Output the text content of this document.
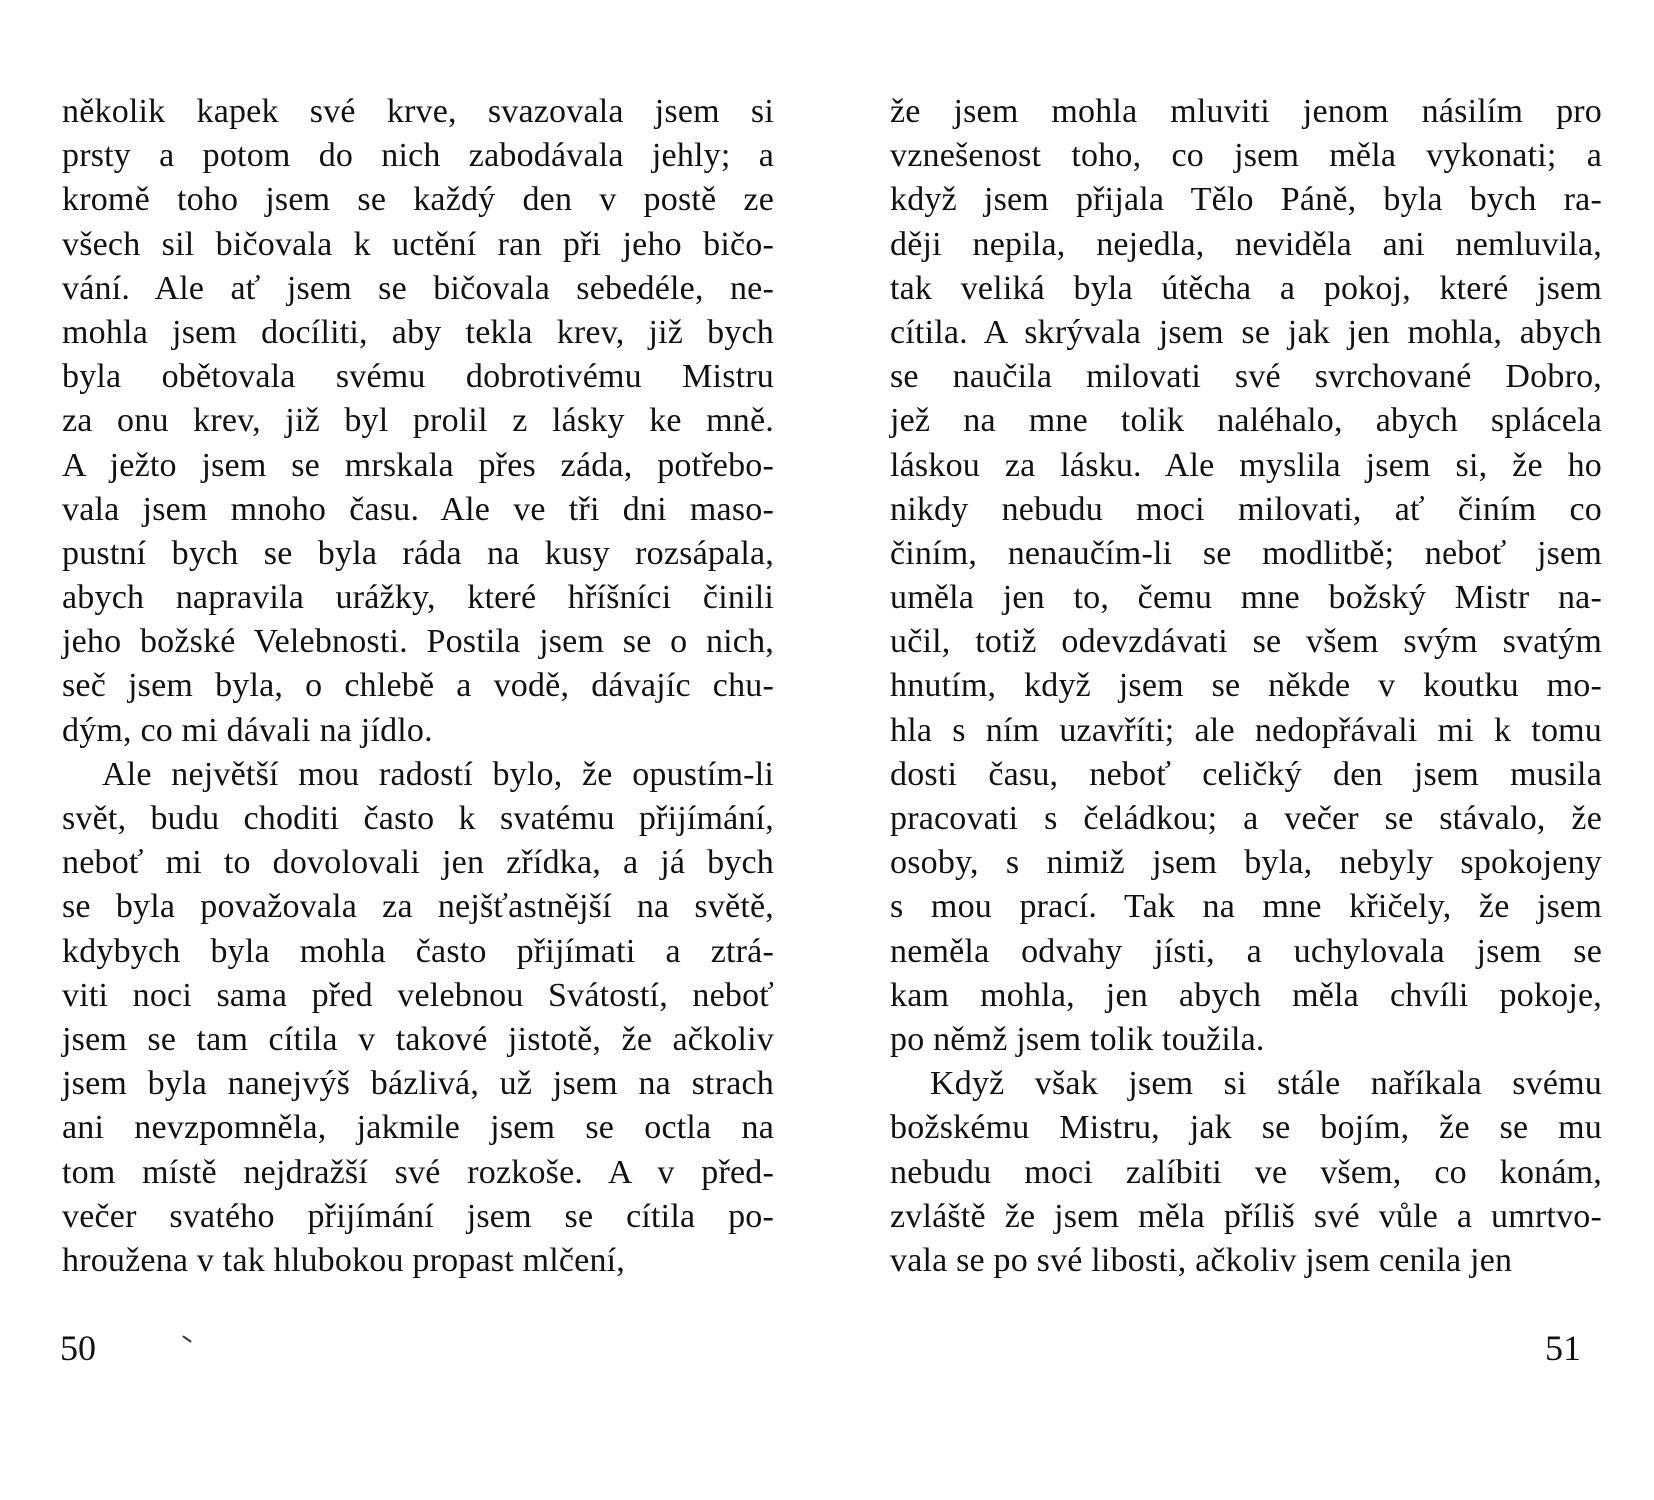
několik kapek své krve, svazovala jsem si
prsty a potom do nich zabodávala jehly; a
kromě toho jsem se každý den v postě ze
všech sil bičovala k uctění ran při jeho bičo-
vání. Ale ať jsem se bičovala sebedéle, ne-
mohla jsem docíliti, aby tekla krev, již bych
byla obětovala svému dobrotivému Mistru
za onu krev, již byl prolil z lásky ke mně.
A ježto jsem se mrskala přes záda, potřebo-
vala jsem mnoho času. Ale ve tři dni maso-
pustní bych se byla ráda na kusy rozsápala,
abych napravila urážky, které hříšníci činili
jeho božské Velebnosti. Postila jsem se o nich,
seč jsem byla, o chlebě a vodě, dávajíc chu-
dým, co mi dávali na jídlo.
Ale největší mou radostí bylo, že opustím-li
svět, budu choditi často k svatému přijímání,
neboť mi to dovolovali jen zřídka, a já bych
se byla považovala za nejšťastnější na světě,
kdybych byla mohla často přijímati a ztrá-
viti noci sama před velebnou Svátostí, neboť
jsem se tam cítila v takové jistotě, že ačkoliv
jsem byla nanejvýš bázlivá, už jsem na strach
ani nevzpomněla, jakmile jsem se octla na
tom místě nejdražší své rozkoše. A v před-
večer svatého přijímání jsem se cítila po-
hroužena v tak hlubokou propast mlčení,
že jsem mohla mluviti jenom násilím pro
vznešenost toho, co jsem měla vykonati; a
když jsem přijala Tělo Páně, byla bych ra-
ději nepila, nejedla, neviděla ani nemluvila,
tak veliká byla útěcha a pokoj, které jsem
cítila. A skrývala jsem se jak jen mohla, abych
se naučila milovati své svrchované Dobro,
jež na mne tolik naléhalo, abych splácela
láskou za lásku. Ale myslila jsem si, že ho
nikdy nebudu moci milovati, ať činím co
činím, nenaučím-li se modlitbě; neboť jsem
uměla jen to, čemu mne božský Mistr na-
učil, totiž odevzdávati se všem svým svatým
hnutím, když jsem se někde v koutku mo-
hla s ním uzavříti; ale nedopřávali mi k tomu
dosti času, neboť celičký den jsem musila
pracovati s čeládkou; a večer se stávalo, že
osoby, s nimiž jsem byla, nebyly spokojeny
s mou prací. Tak na mne křičely, že jsem
neměla odvahy jísti, a uchylovala jsem se
kam mohla, jen abych měla chvíli pokoje,
po němž jsem tolik toužila.
Když však jsem si stále naříkala svému
božskému Mistru, jak se bojím, že se mu
nebudu moci zalíbiti ve všem, co konám,
zvláště že jsem měla příliš své vůle a umrtvo-
vala se po své libosti, ačkoliv jsem cenila jen
50	51
